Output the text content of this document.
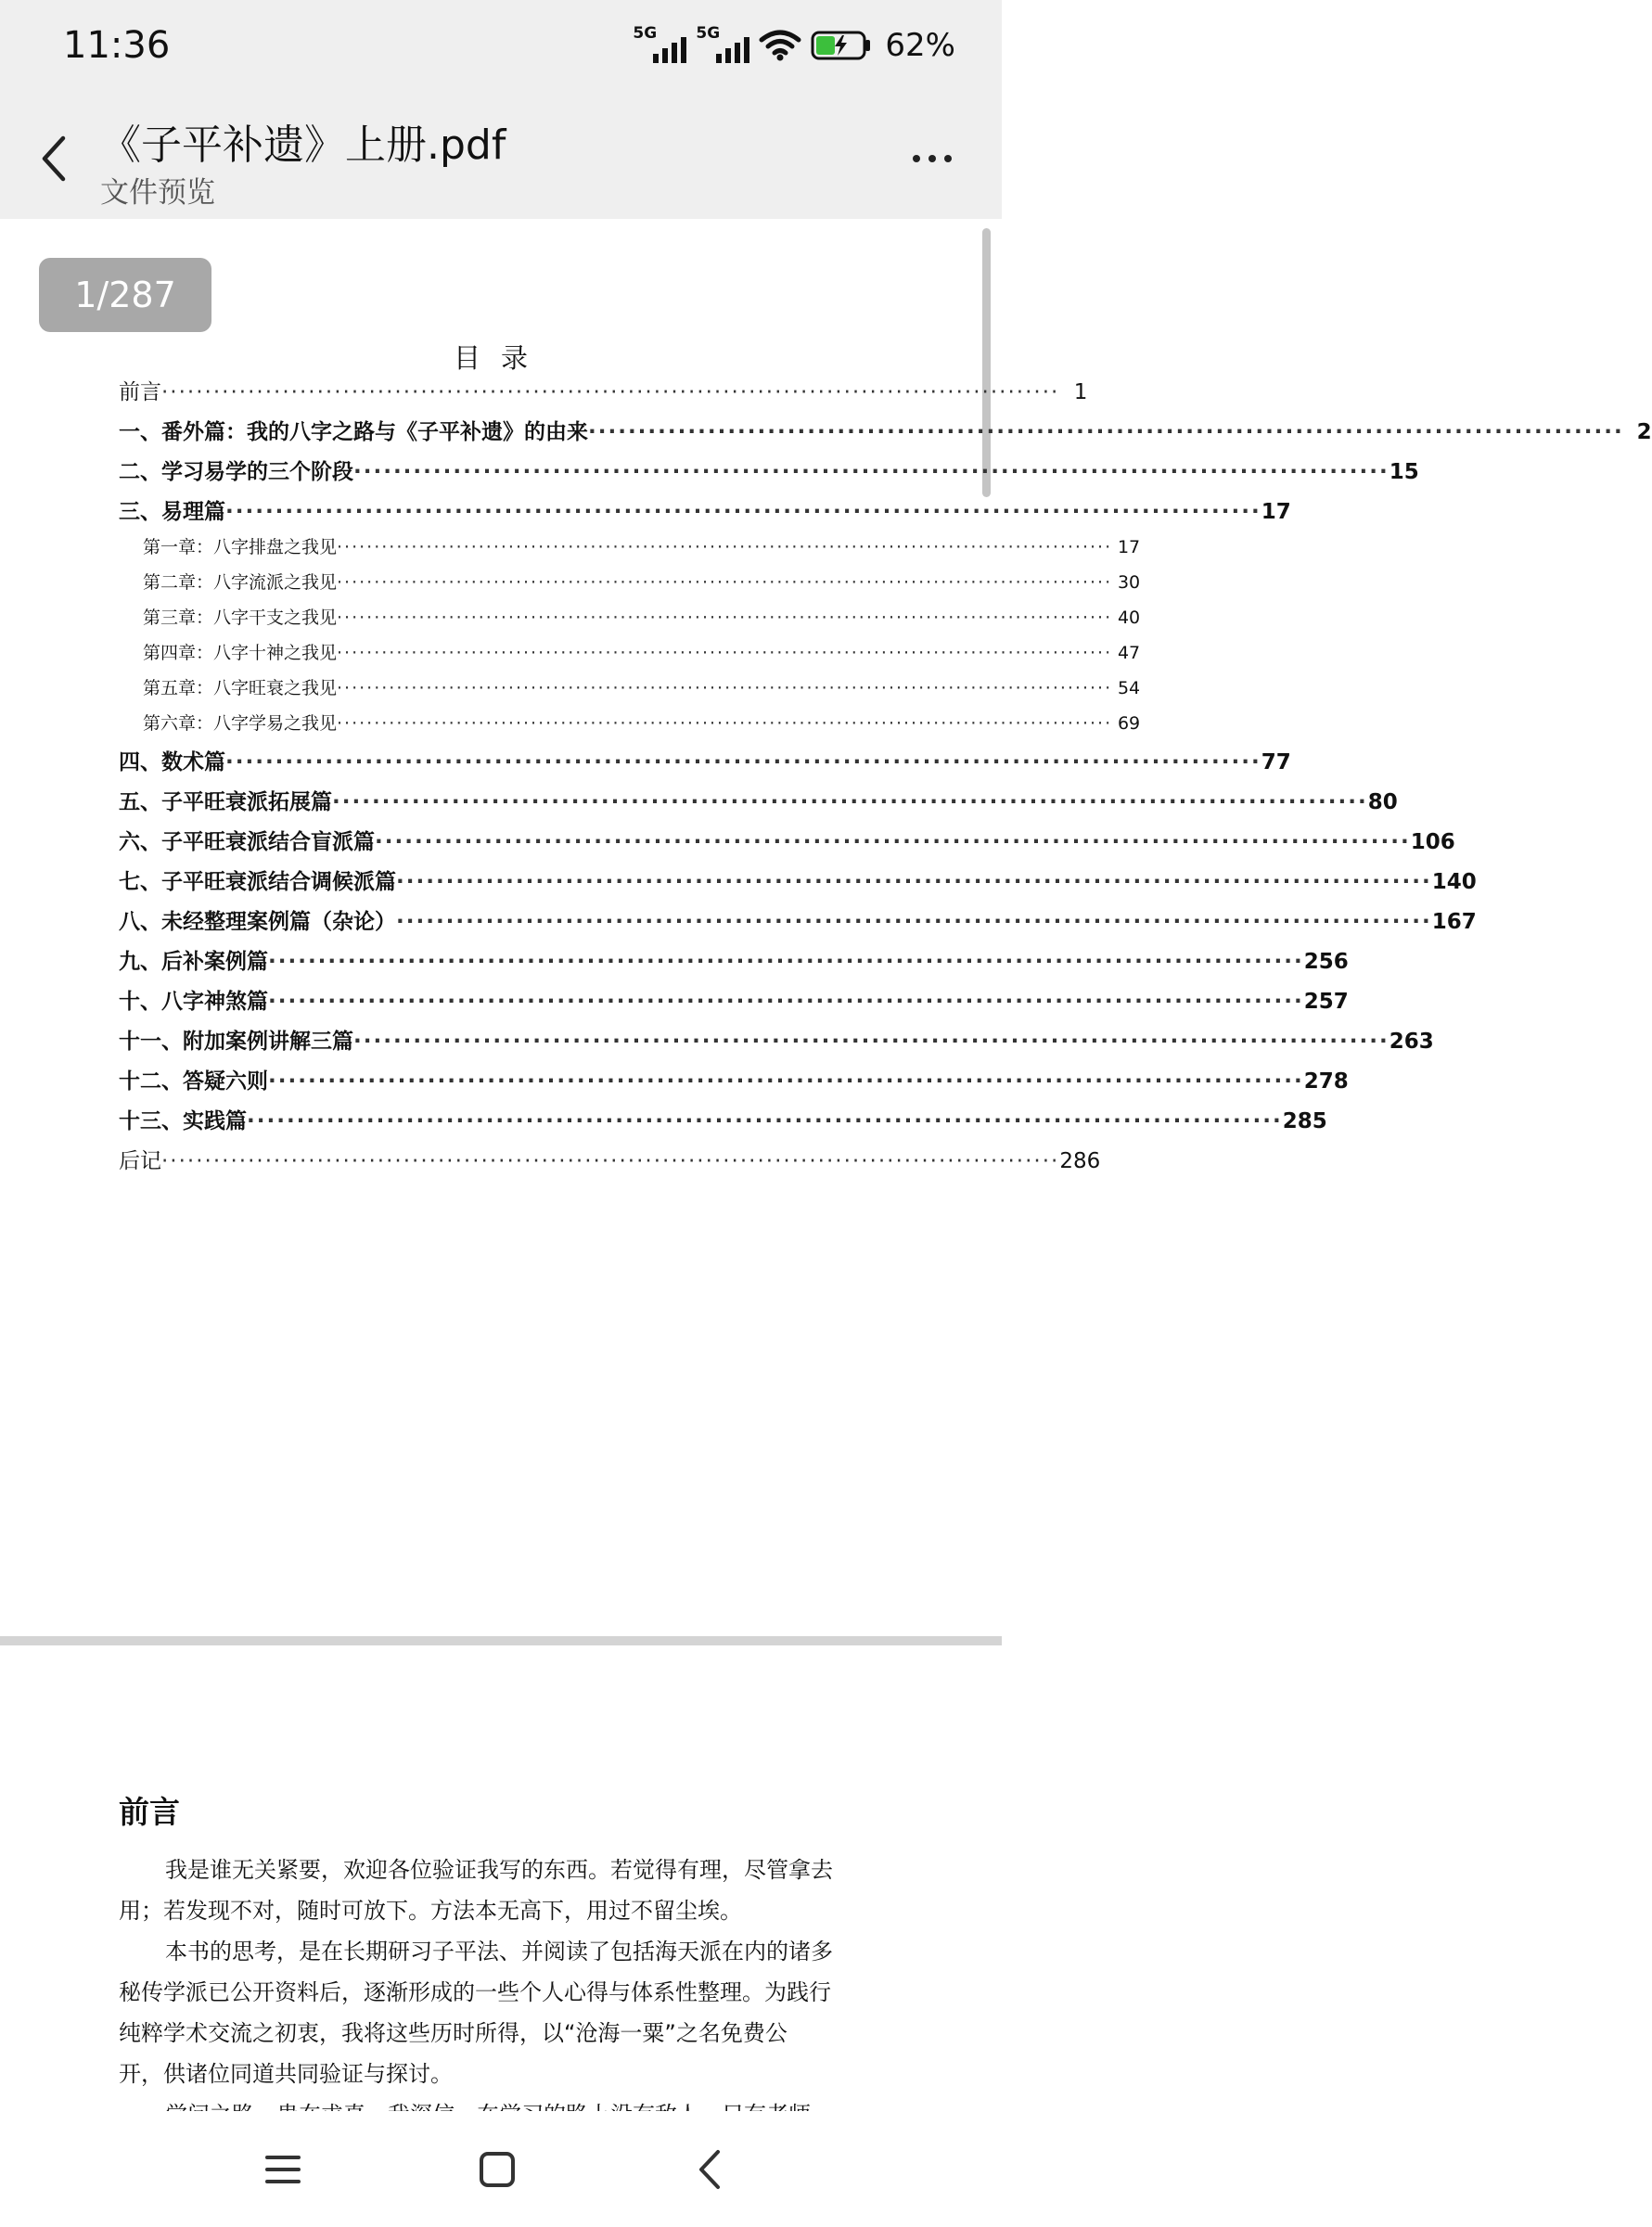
11:36	5G 5G	62%
《子平补遗》上册.pdf
文件预览
1/287
目录
前言 ········································································································ 1
一、番外篇：我的八字之路与《子平补遗》的由来 ········································································································ 2
二、学习易学的三个阶段 ········································································································ 15
三、易理篇 ········································································································ 17
第一章：八字排盘之我见 ········································································································ 17
第二章：八字流派之我见 ········································································································ 30
第三章：八字干支之我见 ········································································································ 40
第四章：八字十神之我见 ········································································································ 47
第五章：八字旺衰之我见 ········································································································ 54
第六章：八字学易之我见 ········································································································ 69
四、数术篇 ········································································································ 77
五、子平旺衰派拓展篇 ········································································································ 80
六、子平旺衰派结合盲派篇 ········································································································ 106
七、子平旺衰派结合调候派篇 ········································································································ 140
八、未经整理案例篇（杂论） ········································································································ 167
九、后补案例篇 ········································································································ 256
十、八字神煞篇 ········································································································ 257
十一、附加案例讲解三篇 ········································································································ 263
十二、答疑六则 ········································································································ 278
十三、实践篇 ········································································································ 285
后记 ········································································································ 286
前言
我是谁无关紧要，欢迎各位验证我写的东西。若觉得有理，尽管拿去
用；若发现不对，随时可放下。方法本无高下，用过不留尘埃。
本书的思考，是在长期研习子平法、并阅读了包括海天派在内的诸多
秘传学派已公开资料后，逐渐形成的一些个人心得与体系性整理。为践行
纯粹学术交流之初衷，我将这些历时所得，以“沧海一粟”之名免费公
开，供诸位同道共同验证与探讨。
